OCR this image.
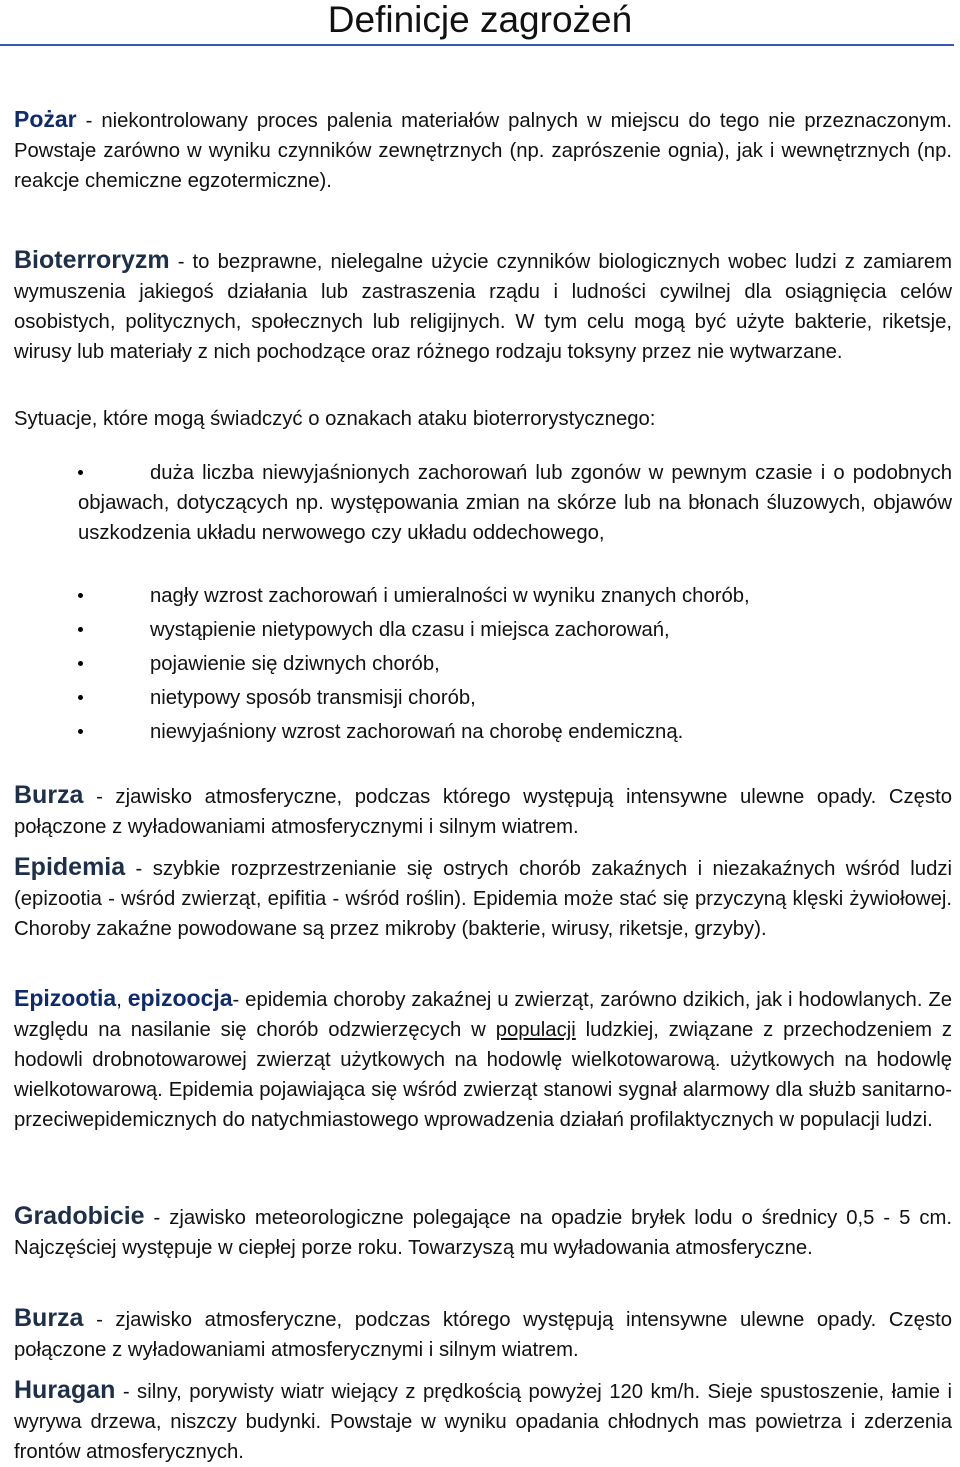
Definicje zagrożeń

Pożar - niekontrolowany proces palenia materiałów palnych w miejscu do tego nie przeznaczonym. Powstaje zarówno w wyniku czynników zewnętrznych (np. zaprószenie ognia), jak i wewnętrznych (np. reakcje chemiczne egzotermiczne).

Bioterroryzm - to bezprawne, nielegalne użycie czynników biologicznych wobec ludzi z zamiarem wymuszenia jakiegoś działania lub zastraszenia rządu i ludności cywilnej dla osiągnięcia celów osobistych, politycznych, społecznych lub religijnych. W tym celu mogą być użyte bakterie, riketsje, wirusy lub materiały z nich pochodzące oraz różnego rodzaju toksyny przez nie wytwarzane.

Sytuacje, które mogą świadczyć o oznakach ataku bioterrorystycznego:

duża liczba niewyjaśnionych zachorowań lub zgonów w pewnym czasie i o podobnych objawach, dotyczących np. występowania zmian na skórze lub na błonach śluzowych, objawów uszkodzenia układu nerwowego czy układu oddechowego,
nagły wzrost zachorowań i umieralności w wyniku znanych chorób,
wystąpienie nietypowych dla czasu i miejsca zachorowań,
pojawienie się dziwnych chorób,
nietypowy sposób transmisji chorób,
niewyjaśniony wzrost zachorowań na chorobę endemiczną.

Burza - zjawisko atmosferyczne, podczas którego występują intensywne ulewne opady. Często połączone z wyładowaniami atmosferycznymi i silnym wiatrem.

Epidemia - szybkie rozprzestrzenianie się ostrych chorób zakaźnych i niezakaźnych wśród ludzi (epizootia - wśród zwierząt, epifitia - wśród roślin). Epidemia może stać się przyczyną klęski żywiołowej. Choroby zakaźne powodowane są przez mikroby (bakterie, wirusy, riketsje, grzyby).

Epizootia, epizoocja- epidemia choroby zakaźnej u zwierząt, zarówno dzikich, jak i hodowlanych. Ze względu na nasilanie się chorób odzwierzęcych w populacji ludzkiej, związane z przechodzeniem z hodowli drobnotowarowej zwierząt użytkowych na hodowlę wielkotowarową. użytkowych na hodowlę wielkotowarową. Epidemia pojawiająca się wśród zwierząt stanowi sygnał alarmowy dla służb sanitarno-przeciwepidemicznych do natychmiastowego wprowadzenia działań profilaktycznych w populacji ludzi.

Gradobicie - zjawisko meteorologiczne polegające na opadzie bryłek lodu o średnicy 0,5 - 5 cm. Najczęściej występuje w ciepłej porze roku. Towarzyszą mu wyładowania atmosferyczne.

Burza - zjawisko atmosferyczne, podczas którego występują intensywne ulewne opady. Często połączone z wyładowaniami atmosferycznymi i silnym wiatrem.

Huragan - silny, porywisty wiatr wiejący z prędkością powyżej 120 km/h. Sieje spustoszenie, łamie i wyrywa drzewa, niszczy budynki. Powstaje w wyniku opadania chłodnych mas powietrza i zderzenia frontów atmosferycznych.
